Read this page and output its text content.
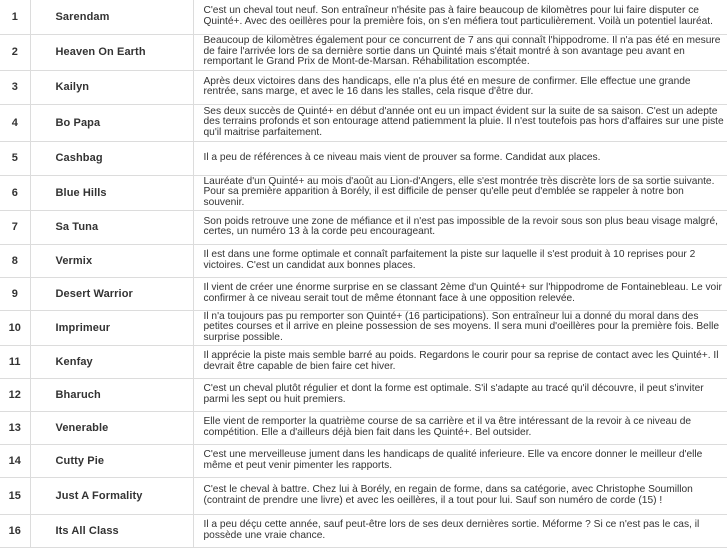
1	Sarendam	C'est un cheval tout neuf. Son entraîneur n'hésite pas à faire beaucoup de kilomètres pour lui faire disputer ce Quinté+. Avec des oeillères pour la première fois, on s'en méfiera tout particulièrement. Voilà un potentiel lauréat.
2	Heaven On Earth	Beaucoup de kilomètres également pour ce concurrent de 7 ans qui connaît l'hippodrome. Il n'a pas été en mesure de faire l'arrivée lors de sa dernière sortie dans un Quinté mais s'était montré à son avantage peu avant en remportant le Grand Prix de Mont-de-Marsan. Réhabilitation escomptée.
3	Kailyn	Après deux victoires dans des handicaps, elle n'a plus été en mesure de confirmer. Elle effectue une grande rentrée, sans marge, et avec le 16 dans les stalles, cela risque d'être dur.
4	Bo Papa	Ses deux succès de Quinté+ en début d'année ont eu un impact évident sur la suite de sa saison. C'est un adepte des terrains profonds et son entourage attend patiemment la pluie. Il n'est toutefois pas hors d'affaires sur une piste qu'il maitrise parfaitement.
5	Cashbag	Il a peu de références à ce niveau mais vient de prouver sa forme. Candidat aux places.
6	Blue Hills	Lauréate d'un Quinté+ au mois d'août au Lion-d'Angers, elle s'est montrée très discrète lors de sa sortie suivante. Pour sa première apparition à Borély, il est difficile de penser qu'elle peut d'emblée se rappeler à notre bon souvenir.
7	Sa Tuna	Son poids retrouve une zone de méfiance et il n'est pas impossible de la revoir sous son plus beau visage malgré, certes, un numéro 13 à la corde peu encourageant.
8	Vermix	Il est dans une forme optimale et connaît parfaitement la piste sur laquelle il s'est produit à 10 reprises pour 2 victoires. C'est un candidat aux bonnes places.
9	Desert Warrior	Il vient de créer une énorme surprise en se classant 2ème d'un Quinté+ sur l'hippodrome de Fontainebleau. Le voir confirmer à ce niveau serait tout de même étonnant face à une opposition relevée.
10	Imprimeur	Il n'a toujours pas pu remporter son Quinté+ (16 participations). Son entraîneur lui a donné du moral dans des petites courses et il arrive en pleine possession de ses moyens. Il sera muni d'oeillères pour la première fois. Belle surprise possible.
11	Kenfay	Il apprécie la piste mais semble barré au poids. Regardons le courir pour sa reprise de contact avec les Quinté+. Il devrait être capable de bien faire cet hiver.
12	Bharuch	C'est un cheval plutôt régulier et dont la forme est optimale. S'il s'adapte au tracé qu'il découvre, il peut s'inviter parmi les sept ou huit premiers.
13	Venerable	Elle vient de remporter la quatrième course de sa carrière et il va être intéressant de la revoir à ce niveau de compétition. Elle a d'ailleurs déjà bien fait dans les Quinté+. Bel outsider.
14	Cutty Pie	C'est une merveilleuse jument dans les handicaps de qualité inferieure. Elle va encore donner le meilleur d'elle même et peut venir pimenter les rapports.
15	Just A Formality	C'est le cheval à battre. Chez lui à Borély, en regain de forme, dans sa catégorie, avec Christophe Soumillon (contraint de prendre une livre) et avec les oeillères, il a tout pour lui. Sauf son numéro de corde (15) !
16	Its All Class	Il a peu déçu cette année, sauf peut-être lors de ses deux dernières sortie. Méforme ? Si ce n'est pas le cas, il possède une vraie chance.
